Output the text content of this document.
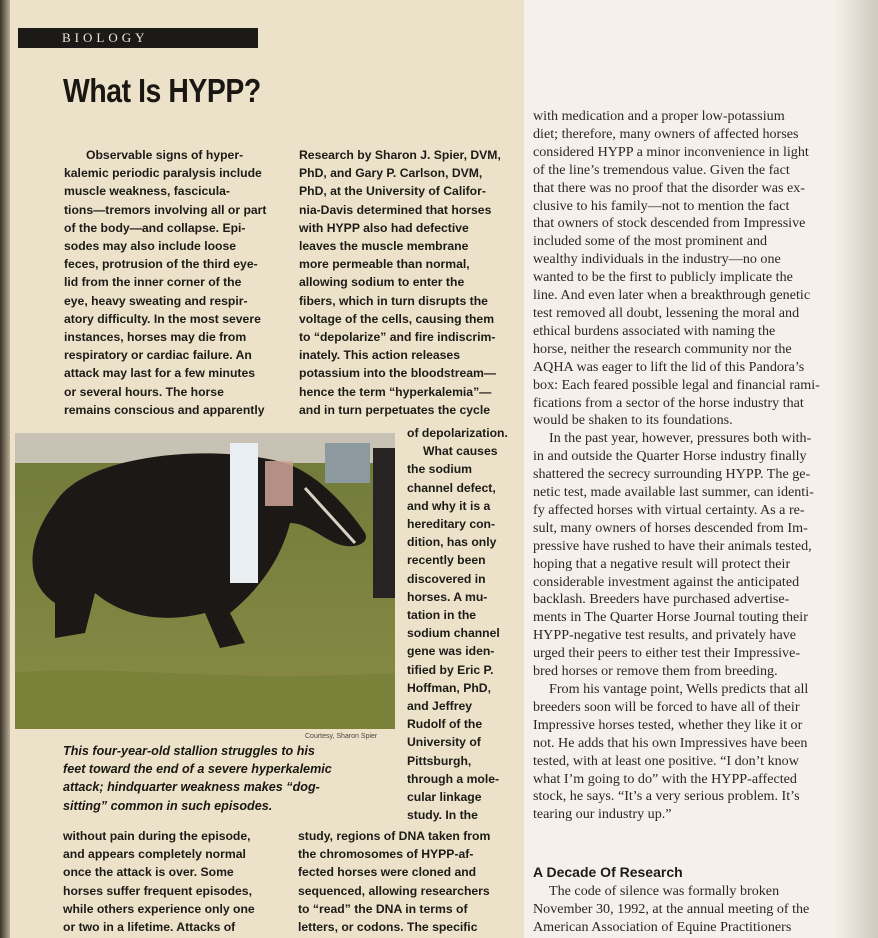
BIOLOGY
What Is HYPP?
Observable signs of hyper-
kalemic periodic paralysis include
muscle weakness, fascicula-
tions—tremors involving all or part
of the body—and collapse. Epi-
sodes may also include loose
feces, protrusion of the third eye-
lid from the inner corner of the
eye, heavy sweating and respir-
atory difficulty. In the most severe
instances, horses may die from
respiratory or cardiac failure. An
attack may last for a few minutes
or several hours. The horse
remains conscious and apparently
Research by Sharon J. Spier, DVM,
PhD, and Gary P. Carlson, DVM,
PhD, at the University of Califor-
nia-Davis determined that horses
with HYPP also had defective
leaves the muscle membrane
more permeable than normal,
allowing sodium to enter the
fibers, which in turn disrupts the
voltage of the cells, causing them
to “depolarize” and fire indiscrim-
inately. This action releases
potassium into the bloodstream—
hence the term “hyperkalemia”—
and in turn perpetuates the cycle
Courtesy, Sharon Spier
of depolarization.
What causes
the sodium
channel defect,
and why it is a
hereditary con-
dition, has only
recently been
discovered in
horses. A mu-
tation in the
sodium channel
gene was iden-
tified by Eric P.
Hoffman, PhD,
and Jeffrey
Rudolf of the
University of
Pittsburgh,
through a mole-
cular linkage
study. In the
This four-year-old stallion struggles to his
feet toward the end of a severe hyperkalemic
attack; hindquarter weakness makes “dog-
sitting” common in such episodes.
without pain during the episode,
and appears completely normal
once the attack is over. Some
horses suffer frequent episodes,
while others experience only one
or two in a lifetime. Attacks of
study, regions of DNA taken from
the chromosomes of HYPP-af-
fected horses were cloned and
sequenced, allowing researchers
to “read” the DNA in terms of
letters, or codons. The specific
with medication and a proper low-potassium
diet; therefore, many owners of affected horses
considered HYPP a minor inconvenience in light
of the line’s tremendous value. Given the fact
that there was no proof that the disorder was ex-
clusive to his family—not to mention the fact
that owners of stock descended from Impressive
included some of the most prominent and
wealthy individuals in the industry—no one
wanted to be the first to publicly implicate the
line. And even later when a breakthrough genetic
test removed all doubt, lessening the moral and
ethical burdens associated with naming the
horse, neither the research community nor the
AQHA was eager to lift the lid of this Pandora’s
box: Each feared possible legal and financial rami-
fications from a sector of the horse industry that
would be shaken to its foundations.
In the past year, however, pressures both with-
in and outside the Quarter Horse industry finally
shattered the secrecy surrounding HYPP. The ge-
netic test, made available last summer, can identi-
fy affected horses with virtual certainty. As a re-
sult, many owners of horses descended from Im-
pressive have rushed to have their animals tested,
hoping that a negative result will protect their
considerable investment against the anticipated
backlash. Breeders have purchased advertise-
ments in The Quarter Horse Journal touting their
HYPP-negative test results, and privately have
urged their peers to either test their Impressive-
bred horses or remove them from breeding.
From his vantage point, Wells predicts that all
breeders soon will be forced to have all of their
Impressive horses tested, whether they like it or
not. He adds that his own Impressives have been
tested, with at least one positive. “I don’t know
what I’m going to do” with the HYPP-affected
stock, he says. “It’s a very serious problem. It’s
tearing our industry up.”
A Decade Of Research
The code of silence was formally broken
November 30, 1992, at the annual meeting of the
American Association of Equine Practitioners
